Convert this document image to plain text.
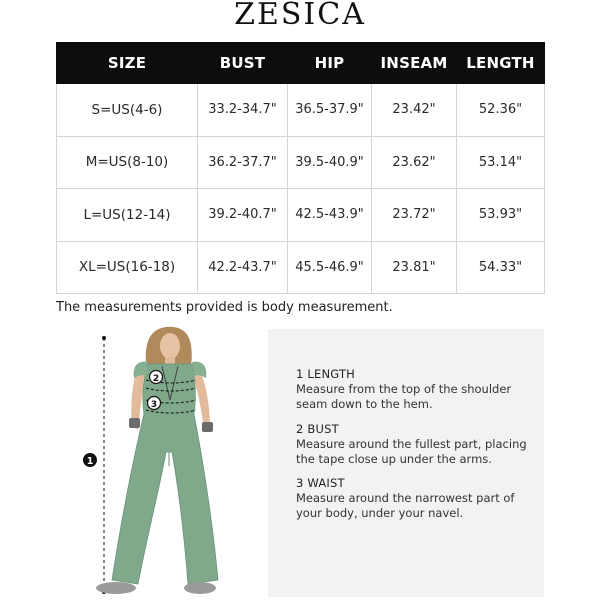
ZESICA
SIZE	BUST	HIP	INSEAM	LENGTH
S=US(4-6)	33.2-34.7"	36.5-37.9"	23.42"	52.36"
M=US(8-10)	36.2-37.7"	39.5-40.9"	23.62"	53.14"
L=US(12-14)	39.2-40.7"	42.5-43.9"	23.72"	53.93"
XL=US(16-18)	42.2-43.7"	45.5-46.9"	23.81"	54.33"
The measurements provided is body measurement.
2
3
1
1 LENGTH
Measure from the top of the shoulder seam down to the hem.
2 BUST
Measure around the fullest part, placing the tape close up under the arms.
3 WAIST
Measure around the narrowest part of your body, under your navel.
